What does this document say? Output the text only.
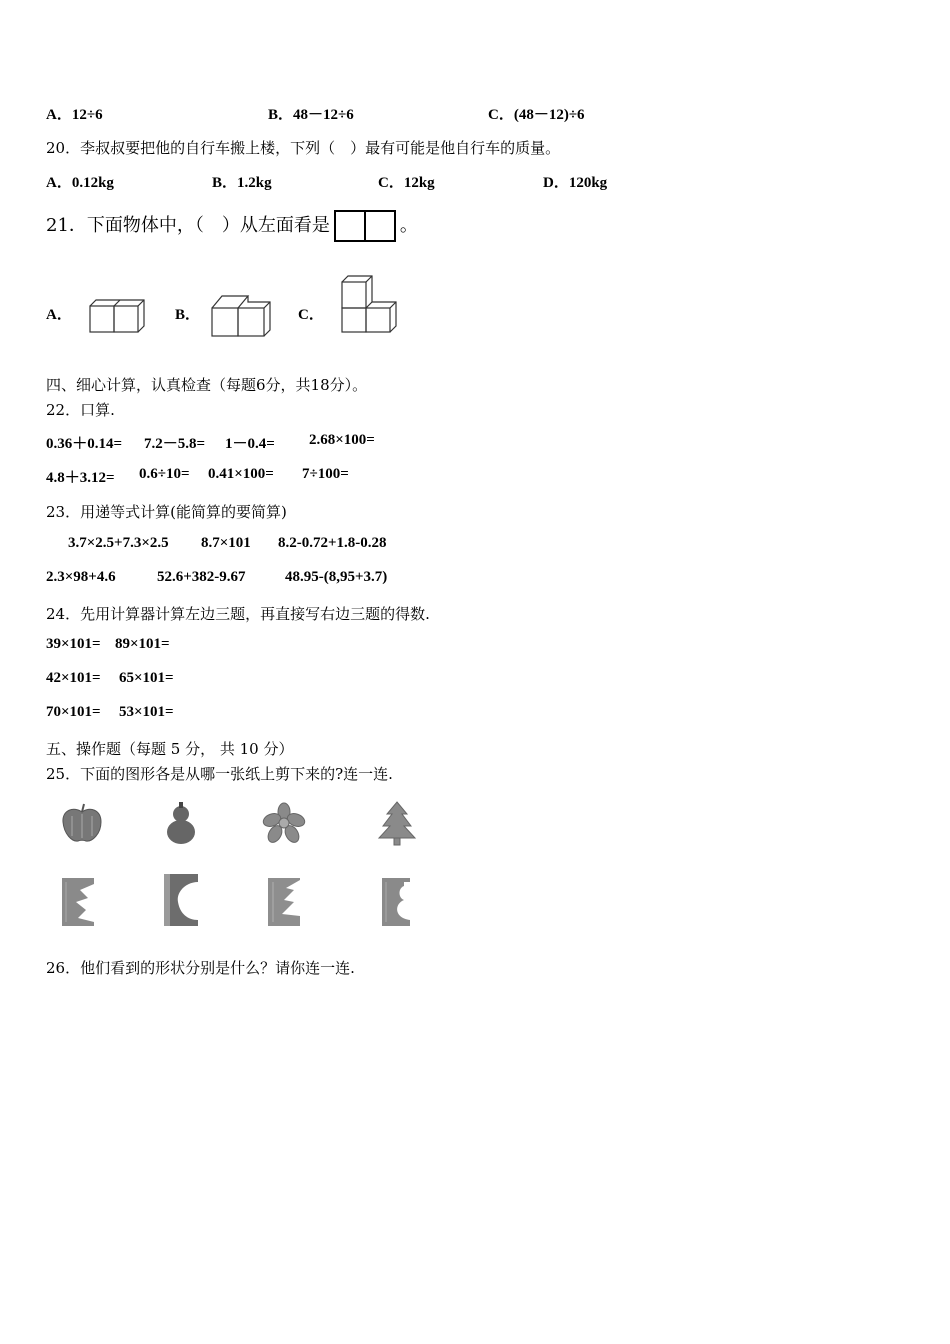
A．12÷6	B．48－12÷6	C．(48－12)÷6
20．李叔叔要把他的自行车搬上楼，下列（　）最有可能是他自行车的质量。
A．0.12kg	B．1.2kg	C．12kg	D．120kg
21．下面物体中，（　）从左面看是	。
A．	B．	C．
四、细心计算，认真检查（每题6分，共18分）。
22．口算.
0.36＋0.14= 7.2－5.8= 1－0.4= 2.68×100=
4.8＋3.12= 0.6÷10= 0.41×100= 7÷100=
23．用递等式计算(能简算的要简算)
3.7×2.5+7.3×2.5 8.7×101 8.2-0.72+1.8-0.28
2.3×98+4.6	52.6+382-9.67	48.95-(8,95+3.7)
24．先用计算器计算左边三题，再直接写右边三题的得数.
39×101= 89×101=
42×101= 65×101=
70×101= 53×101=
五、操作题（每题 5 分， 共 10 分）
25．下面的图形各是从哪一张纸上剪下来的?连一连.
26．他们看到的形状分别是什么？请你连一连.
